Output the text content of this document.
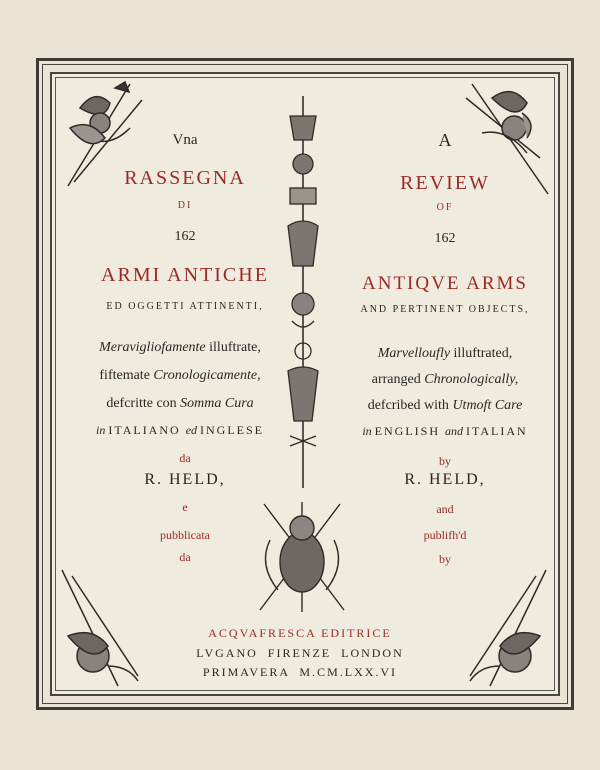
Vna
RASSEGNA
DI
162
ARMI ANTICHE
ED OGGETTI ATTINENTI,
Meravigliofamente illuftrate,
fiftemate Cronologicamente,
defcritte con Somma Cura
in ITALIANO ed INGLESE
da
R. HELD,
e
pubblicata
da
A
REVIEW
OF
162
ANTIQVE ARMS
AND PERTINENT OBJECTS,
Marvelloufly illuftrated,
arranged Chronologically,
defcribed with Utmoft Care
in ENGLISH and ITALIAN
by
R. HELD,
and
publifh'd
by
ACQVAFRESCA EDITRICE
LVGANO  FIRENZE  LONDON
PRIMAVERA  M.CM.LXX.VI
